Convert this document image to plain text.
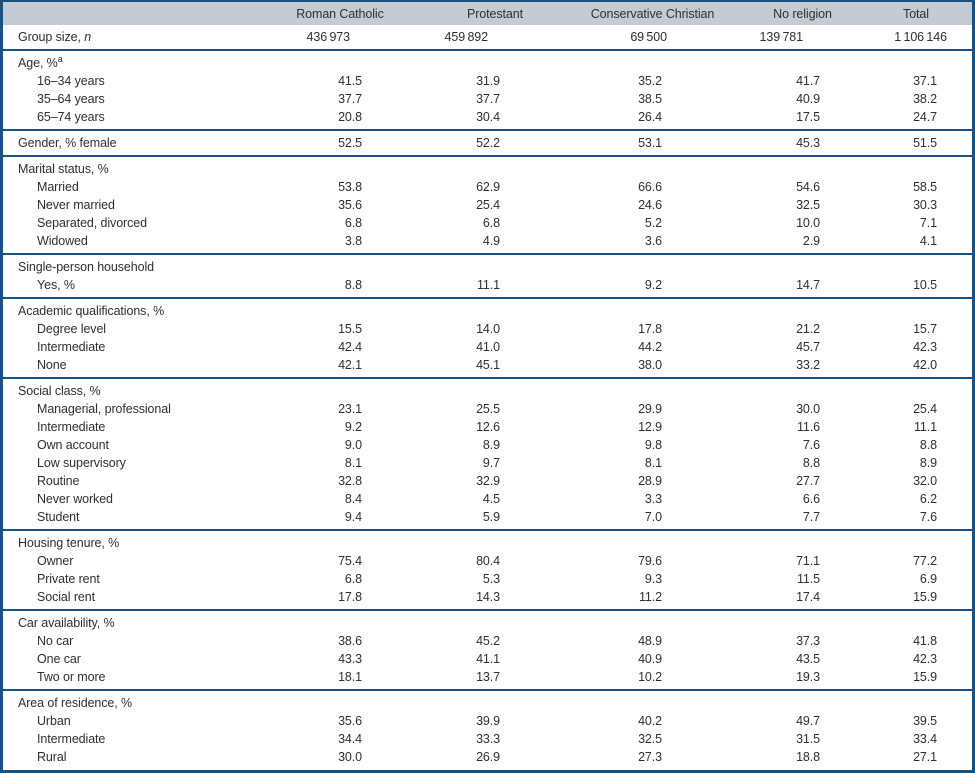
	Roman Catholic	Protestant	Conservative Christian	No religion	Total
Group size, n	436 973	459 892	69 500	139 781	1 106 146
Age, %$^a$					
16–34 years	41.5	31.9	35.2	41.7	37.1
35–64 years	37.7	37.7	38.5	40.9	38.2
65–74 years	20.8	30.4	26.4	17.5	24.7
Gender, % female	52.5	52.2	53.1	45.3	51.5
Marital status, %					
Married	53.8	62.9	66.6	54.6	58.5
Never married	35.6	25.4	24.6	32.5	30.3
Separated, divorced	6.8	6.8	5.2	10.0	7.1
Widowed	3.8	4.9	3.6	2.9	4.1
Single-person household					
Yes, %	8.8	11.1	9.2	14.7	10.5
Academic qualifications, %					
Degree level	15.5	14.0	17.8	21.2	15.7
Intermediate	42.4	41.0	44.2	45.7	42.3
None	42.1	45.1	38.0	33.2	42.0
Social class, %					
Managerial, professional	23.1	25.5	29.9	30.0	25.4
Intermediate	9.2	12.6	12.9	11.6	11.1
Own account	9.0	8.9	9.8	7.6	8.8
Low supervisory	8.1	9.7	8.1	8.8	8.9
Routine	32.8	32.9	28.9	27.7	32.0
Never worked	8.4	4.5	3.3	6.6	6.2
Student	9.4	5.9	7.0	7.7	7.6
Housing tenure, %					
Owner	75.4	80.4	79.6	71.1	77.2
Private rent	6.8	5.3	9.3	11.5	6.9
Social rent	17.8	14.3	11.2	17.4	15.9
Car availability, %					
No car	38.6	45.2	48.9	37.3	41.8
One car	43.3	41.1	40.9	43.5	42.3
Two or more	18.1	13.7	10.2	19.3	15.9
Area of residence, %					
Urban	35.6	39.9	40.2	49.7	39.5
Intermediate	34.4	33.3	32.5	31.5	33.4
Rural	30.0	26.9	27.3	18.8	27.1
